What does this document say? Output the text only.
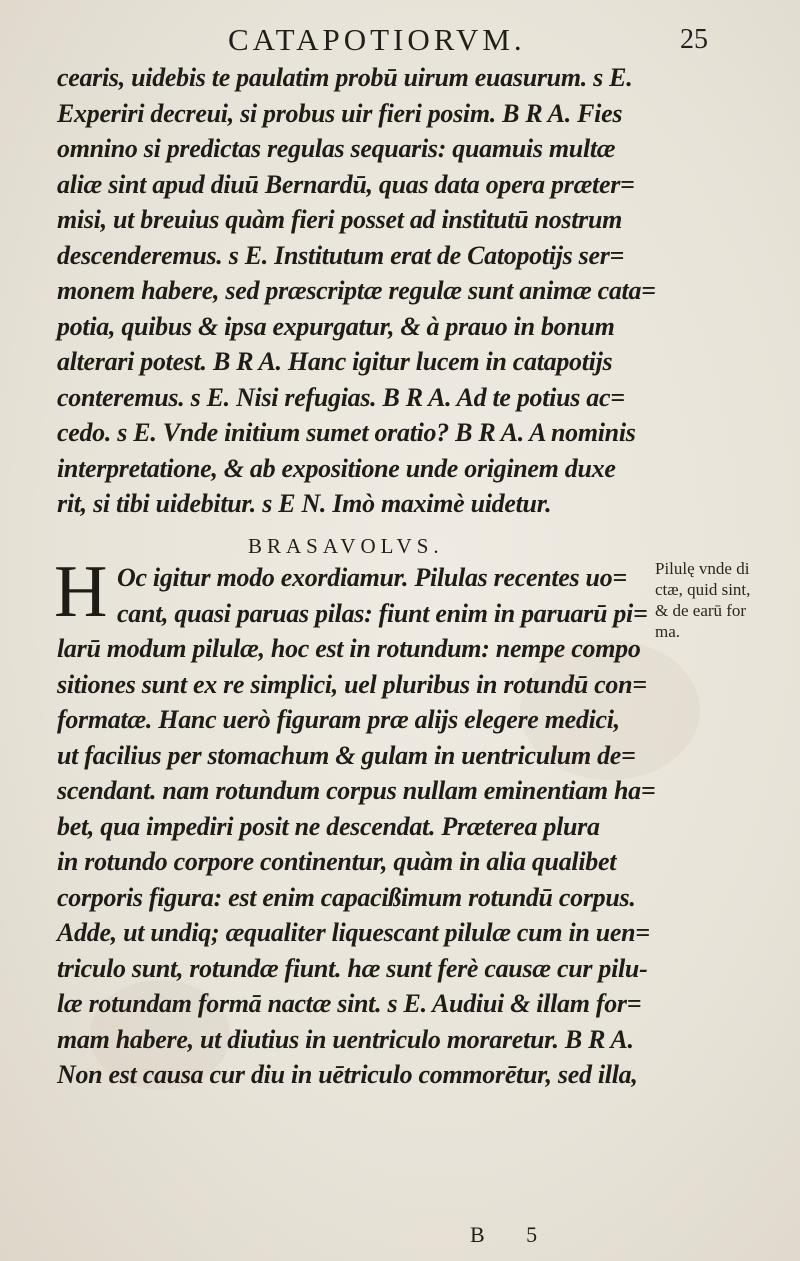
CATAPOTIORVM.	25
cearis, uidebis te paulatim probū uirum euasurum. s E.
Experiri decreui, si probus uir fieri posim. B R A. Fies
omnino si predictas regulas sequaris: quamuis multæ
aliæ sint apud diuū Bernardū, quas data opera præter=
misi, ut breuius quàm fieri posset ad institutū nostrum
descenderemus. s E. Institutum erat de Catopotijs ser=
monem habere, sed præscriptæ regulæ sunt animæ cata=
potia, quibus & ipsa expurgatur, & à prauo in bonum
alterari potest. B R A. Hanc igitur lucem in catapotijs
conteremus. s E. Nisi refugias. B R A. Ad te potius ac=
cedo. s E. Vnde initium sumet oratio? B R A. A nominis
interpretatione, & ab expositione unde originem duxe
rit, si tibi uidebitur. s E N. Imò maximè uidetur.
BRASAVOLVS.
H Oc igitur modo exordiamur. Pilulas recentes uo=
cant, quasi paruas pilas: fiunt enim in paruarū pi=
Pilulę vnde di
ctæ, quid sint,
& de earū for
ma.
larū modum pilulæ, hoc est in rotundum: nempe compo
sitiones sunt ex re simplici, uel pluribus in rotundū con=
formatæ. Hanc uerò figuram præ alijs elegere medici,
ut facilius per stomachum & gulam in uentriculum de=
scendant. nam rotundum corpus nullam eminentiam ha=
bet, qua impediri posit ne descendat. Præterea plura
in rotundo corpore continentur, quàm in alia qualibet
corporis figura: est enim capacißimum rotundū corpus.
Adde, ut undiq; æqualiter liquescant pilulæ cum in uen=
triculo sunt, rotundæ fiunt. hæ sunt ferè causæ cur pilu-
læ rotundam formā nactæ sint. s E. Audiui & illam for=
mam habere, ut diutius in uentriculo moraretur. B R A.
Non est causa cur diu in uētriculo commorētur, sed illa,
B 5
